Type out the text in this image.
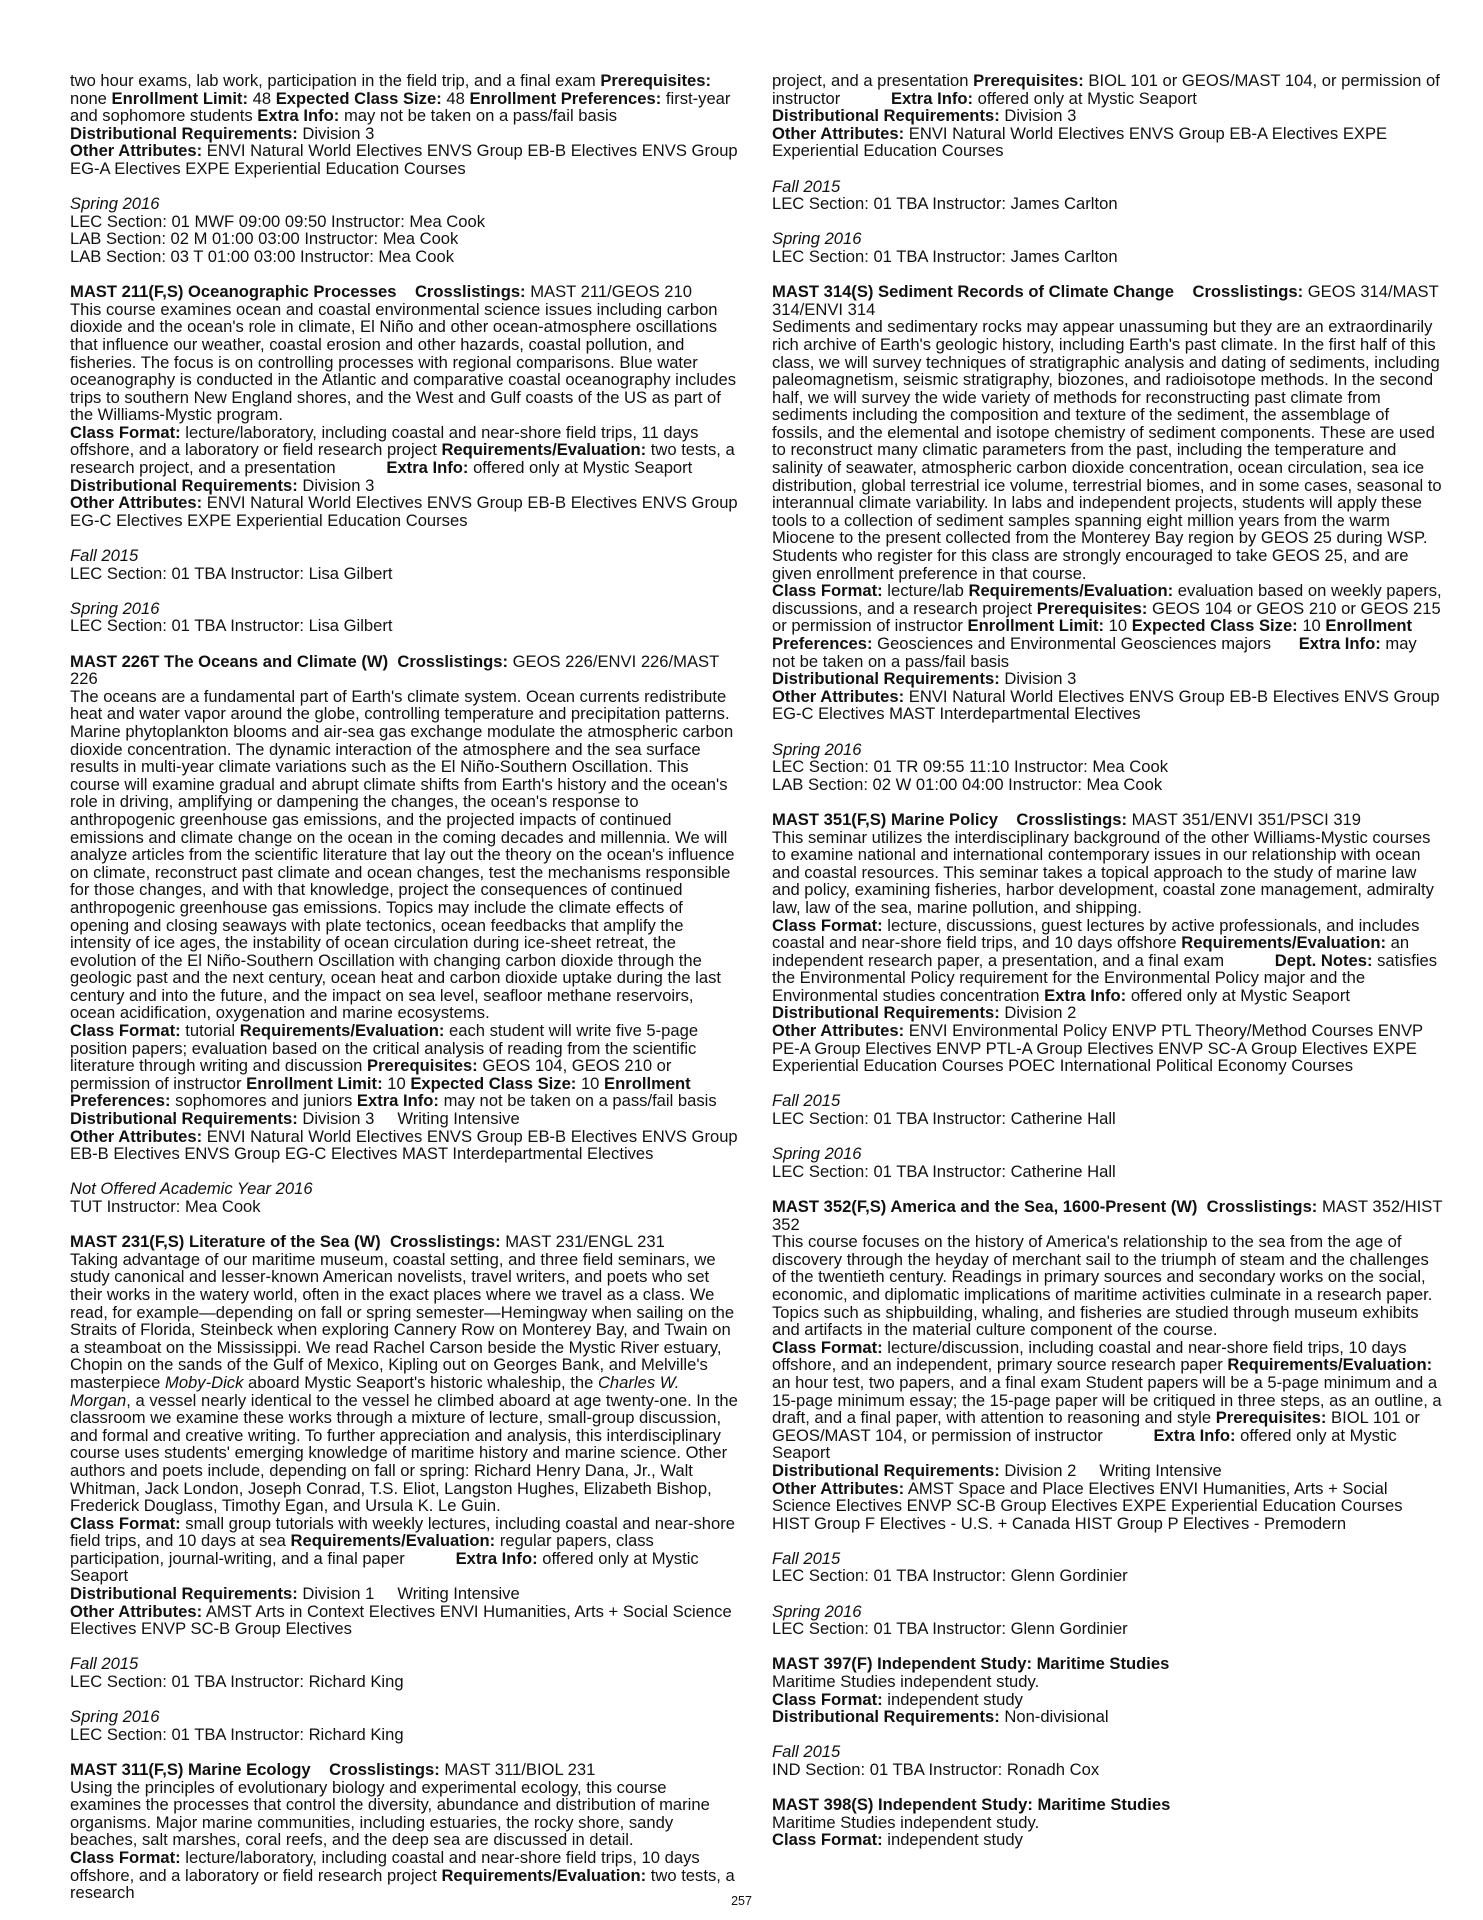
two hour exams, lab work, participation in the field trip, and a final exam Prerequisites: none Enrollment Limit: 48 Expected Class Size: 48 Enrollment Preferences: first-year and sophomore students Extra Info: may not be taken on a pass/fail basis

Distributional Requirements: Division 3

Other Attributes: ENVI Natural World Electives ENVS Group EB-B Electives ENVS Group EG-A Electives EXPE Experiential Education Courses

Spring 2016

LEC Section: 01 MWF 09:00 09:50 Instructor: Mea Cook

LAB Section: 02 M 01:00 03:00 Instructor: Mea Cook

LAB Section: 03 T 01:00 03:00 Instructor: Mea Cook

MAST 211(F,S) Oceanographic Processes Crosslistings: MAST 211/GEOS 210

This course examines ocean and coastal environmental science issues including carbon dioxide and the ocean's role in climate, El Niño and other ocean-atmosphere oscillations that influence our weather, coastal erosion and other hazards, coastal pollution, and fisheries. The focus is on controlling processes with regional comparisons. Blue water oceanography is conducted in the Atlantic and comparative coastal oceanography includes trips to southern New England shores, and the West and Gulf coasts of the US as part of the Williams-Mystic program.

Class Format: lecture/laboratory, including coastal and near-shore field trips, 11 days offshore, and a laboratory or field research project Requirements/Evaluation: two tests, a research project, and a presentation	Extra Info: offered only at Mystic Seaport

Distributional Requirements: Division 3

Other Attributes: ENVI Natural World Electives ENVS Group EB-B Electives ENVS Group EG-C Electives EXPE Experiential Education Courses

Fall 2015

LEC Section: 01 TBA Instructor: Lisa Gilbert

Spring 2016

LEC Section: 01 TBA Instructor: Lisa Gilbert

MAST 226T The Oceans and Climate (W) Crosslistings: GEOS 226/ENVI 226/MAST 226

The oceans are a fundamental part of Earth's climate system. Ocean currents redistribute heat and water vapor around the globe, controlling temperature and precipitation patterns. Marine phytoplankton blooms and air-sea gas exchange modulate the atmospheric carbon dioxide concentration. The dynamic interaction of the atmosphere and the sea surface results in multi-year climate variations such as the El Niño-Southern Oscillation. This course will examine gradual and abrupt climate shifts from Earth's history and the ocean's role in driving, amplifying or dampening the changes, the ocean's response to anthropogenic greenhouse gas emissions, and the projected impacts of continued emissions and climate change on the ocean in the coming decades and millennia. We will analyze articles from the scientific literature that lay out the theory on the ocean's influence on climate, reconstruct past climate and ocean changes, test the mechanisms responsible for those changes, and with that knowledge, project the consequences of continued anthropogenic greenhouse gas emissions. Topics may include the climate effects of opening and closing seaways with plate tectonics, ocean feedbacks that amplify the intensity of ice ages, the instability of ocean circulation during ice-sheet retreat, the evolution of the El Niño-Southern Oscillation with changing carbon dioxide through the geologic past and the next century, ocean heat and carbon dioxide uptake during the last century and into the future, and the impact on sea level, seafloor methane reservoirs, ocean acidification, oxygenation and marine ecosystems.

Class Format: tutorial Requirements/Evaluation: each student will write five 5-page position papers; evaluation based on the critical analysis of reading from the scientific literature through writing and discussion Prerequisites: GEOS 104, GEOS 210 or permission of instructor Enrollment Limit: 10 Expected Class Size: 10 Enrollment Preferences: sophomores and juniors Extra Info: may not be taken on a pass/fail basis

Distributional Requirements: Division 3     Writing Intensive

Other Attributes: ENVI Natural World Electives ENVS Group EB-B Electives ENVS Group EB-B Electives ENVS Group EG-C Electives MAST Interdepartmental Electives

Not Offered Academic Year 2016

TUT Instructor: Mea Cook

MAST 231(F,S) Literature of the Sea (W) Crosslistings: MAST 231/ENGL 231

Taking advantage of our maritime museum, coastal setting, and three field seminars, we study canonical and lesser-known American novelists, travel writers, and poets who set their works in the watery world, often in the exact places where we travel as a class. We read, for example—depending on fall or spring semester—Hemingway when sailing on the Straits of Florida, Steinbeck when exploring Cannery Row on Monterey Bay, and Twain on a steamboat on the Mississippi. We read Rachel Carson beside the Mystic River estuary, Chopin on the sands of the Gulf of Mexico, Kipling out on Georges Bank, and Melville's masterpiece Moby-Dick aboard Mystic Seaport's historic whaleship, the Charles W. Morgan, a vessel nearly identical to the vessel he climbed aboard at age twenty-one. In the classroom we examine these works through a mixture of lecture, small-group discussion, and formal and creative writing. To further appreciation and analysis, this interdisciplinary course uses students' emerging knowledge of maritime history and marine science. Other authors and poets include, depending on fall or spring: Richard Henry Dana, Jr., Walt Whitman, Jack London, Joseph Conrad, T.S. Eliot, Langston Hughes, Elizabeth Bishop, Frederick Douglass, Timothy Egan, and Ursula K. Le Guin.

Class Format: small group tutorials with weekly lectures, including coastal and near-shore field trips, and 10 days at sea Requirements/Evaluation: regular papers, class participation, journal-writing, and a final paper	Extra Info: offered only at Mystic Seaport

Distributional Requirements: Division 1     Writing Intensive

Other Attributes: AMST Arts in Context Electives ENVI Humanities, Arts + Social Science Electives ENVP SC-B Group Electives

Fall 2015

LEC Section: 01 TBA Instructor: Richard King

Spring 2016

LEC Section: 01 TBA Instructor: Richard King

MAST 311(F,S) Marine Ecology Crosslistings: MAST 311/BIOL 231

Using the principles of evolutionary biology and experimental ecology, this course examines the processes that control the diversity, abundance and distribution of marine organisms. Major marine communities, including estuaries, the rocky shore, sandy beaches, salt marshes, coral reefs, and the deep sea are discussed in detail.

Class Format: lecture/laboratory, including coastal and near-shore field trips, 10 days offshore, and a laboratory or field research project Requirements/Evaluation: two tests, a research

project, and a presentation Prerequisites: BIOL 101 or GEOS/MAST 104, or permission of instructor	Extra Info: offered only at Mystic Seaport

Distributional Requirements: Division 3

Other Attributes: ENVI Natural World Electives ENVS Group EB-A Electives EXPE Experiential Education Courses

Fall 2015

LEC Section: 01 TBA Instructor: James Carlton

Spring 2016

LEC Section: 01 TBA Instructor: James Carlton

MAST 314(S) Sediment Records of Climate Change Crosslistings: GEOS 314/MAST 314/ENVI 314

Sediments and sedimentary rocks may appear unassuming but they are an extraordinarily rich archive of Earth's geologic history, including Earth's past climate. In the first half of this class, we will survey techniques of stratigraphic analysis and dating of sediments, including paleomagnetism, seismic stratigraphy, biozones, and radioisotope methods. In the second half, we will survey the wide variety of methods for reconstructing past climate from sediments including the composition and texture of the sediment, the assemblage of fossils, and the elemental and isotope chemistry of sediment components. These are used to reconstruct many climatic parameters from the past, including the temperature and salinity of seawater, atmospheric carbon dioxide concentration, ocean circulation, sea ice distribution, global terrestrial ice volume, terrestrial biomes, and in some cases, seasonal to interannual climate variability. In labs and independent projects, students will apply these tools to a collection of sediment samples spanning eight million years from the warm Miocene to the present collected from the Monterey Bay region by GEOS 25 during WSP. Students who register for this class are strongly encouraged to take GEOS 25, and are given enrollment preference in that course.

Class Format: lecture/lab Requirements/Evaluation: evaluation based on weekly papers, discussions, and a research project Prerequisites: GEOS 104 or GEOS 210 or GEOS 215 or permission of instructor Enrollment Limit: 10 Expected Class Size: 10 Enrollment Preferences: Geosciences and Environmental Geosciences majors Extra Info: may not be taken on a pass/fail basis

Distributional Requirements: Division 3

Other Attributes: ENVI Natural World Electives ENVS Group EB-B Electives ENVS Group EG-C Electives MAST Interdepartmental Electives

Spring 2016

LEC Section: 01 TR 09:55 11:10 Instructor: Mea Cook

LAB Section: 02 W 01:00 04:00 Instructor: Mea Cook

MAST 351(F,S) Marine Policy Crosslistings: MAST 351/ENVI 351/PSCI 319

This seminar utilizes the interdisciplinary background of the other Williams-Mystic courses to examine national and international contemporary issues in our relationship with ocean and coastal resources. This seminar takes a topical approach to the study of marine law and policy, examining fisheries, harbor development, coastal zone management, admiralty law, law of the sea, marine pollution, and shipping.

Class Format: lecture, discussions, guest lectures by active professionals, and includes coastal and near-shore field trips, and 10 days offshore Requirements/Evaluation: an independent research paper, a presentation, and a final exam	Dept. Notes: satisfies the Environmental Policy requirement for the Environmental Policy major and the Environmental studies concentration Extra Info: offered only at Mystic Seaport

Distributional Requirements: Division 2

Other Attributes: ENVI Environmental Policy ENVP PTL Theory/Method Courses ENVP PE-A Group Electives ENVP PTL-A Group Electives ENVP SC-A Group Electives EXPE Experiential Education Courses POEC International Political Economy Courses

Fall 2015

LEC Section: 01 TBA Instructor: Catherine Hall

Spring 2016

LEC Section: 01 TBA Instructor: Catherine Hall

MAST 352(F,S) America and the Sea, 1600-Present (W) Crosslistings: MAST 352/HIST 352

This course focuses on the history of America's relationship to the sea from the age of discovery through the heyday of merchant sail to the triumph of steam and the challenges of the twentieth century. Readings in primary sources and secondary works on the social, economic, and diplomatic implications of maritime activities culminate in a research paper. Topics such as shipbuilding, whaling, and fisheries are studied through museum exhibits and artifacts in the material culture component of the course.

Class Format: lecture/discussion, including coastal and near-shore field trips, 10 days offshore, and an independent, primary source research paper Requirements/Evaluation: an hour test, two papers, and a final exam Student papers will be a 5-page minimum and a 15-page minimum essay; the 15-page paper will be critiqued in three steps, as an outline, a draft, and a final paper, with attention to reasoning and style Prerequisites: BIOL 101 or GEOS/MAST 104, or permission of instructor	Extra Info: offered only at Mystic Seaport

Distributional Requirements: Division 2     Writing Intensive

Other Attributes: AMST Space and Place Electives ENVI Humanities, Arts + Social Science Electives ENVP SC-B Group Electives EXPE Experiential Education Courses HIST Group F Electives - U.S. + Canada HIST Group P Electives - Premodern

Fall 2015

LEC Section: 01 TBA Instructor: Glenn Gordinier

Spring 2016

LEC Section: 01 TBA Instructor: Glenn Gordinier

MAST 397(F) Independent Study: Maritime Studies

Maritime Studies independent study.

Class Format: independent study

Distributional Requirements: Non-divisional

Fall 2015

IND Section: 01 TBA Instructor: Ronadh Cox

MAST 398(S) Independent Study: Maritime Studies

Maritime Studies independent study.

Class Format: independent study

257
